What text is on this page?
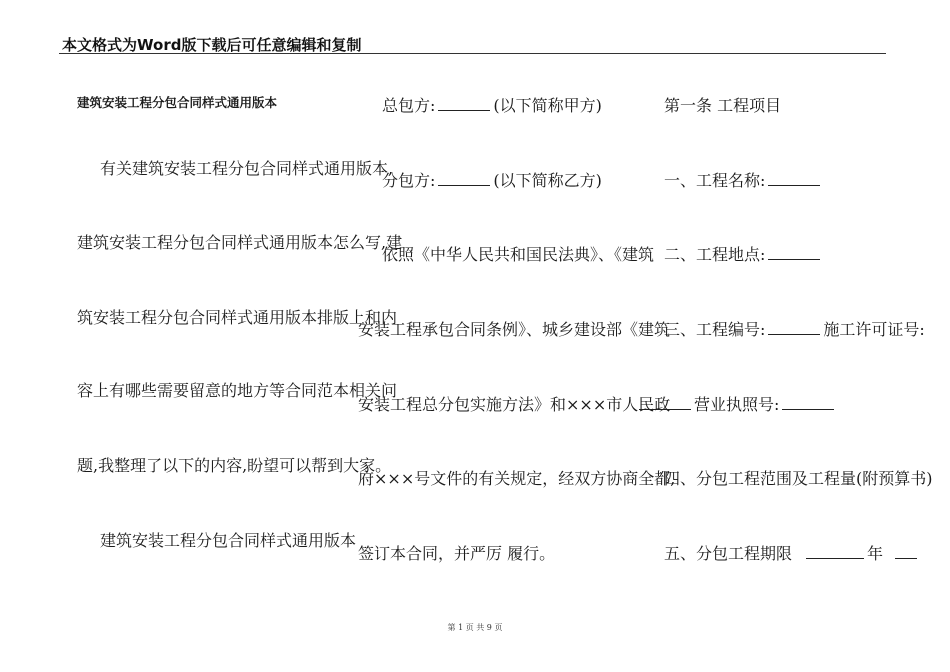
本文格式为Word版下载后可任意编辑和复制
建筑安装工程分包合同样式通用版本
有关建筑安装工程分包合同样式通用版本,
建筑安装工程分包合同样式通用版本怎么写,建
筑安装工程分包合同样式通用版本排版上和内
容上有哪些需要留意的地方等合同范本相关问
题,我整理了以下的内容,盼望可以帮到大家。
建筑安装工程分包合同样式通用版本
总包方:	(以下简称甲方)
分包方:	(以下简称乙方)
依照《中华人民共和国民法典》、《建筑
安装工程承包合同条例》、城乡建设部《建筑
安装工程总分包实施方法》和×××市人民政
府×××号文件的有关规定，经双方协商全都,
签订本合同，并严厉 履行。
第一条 工程项目
一、工程名称:
二、工程地点:
三、工程编号:	施工许可证号:
营业执照号:
四、分包工程范围及工程量(附预算书)
五、分包工程期限	年
第 1 页 共 9 页
